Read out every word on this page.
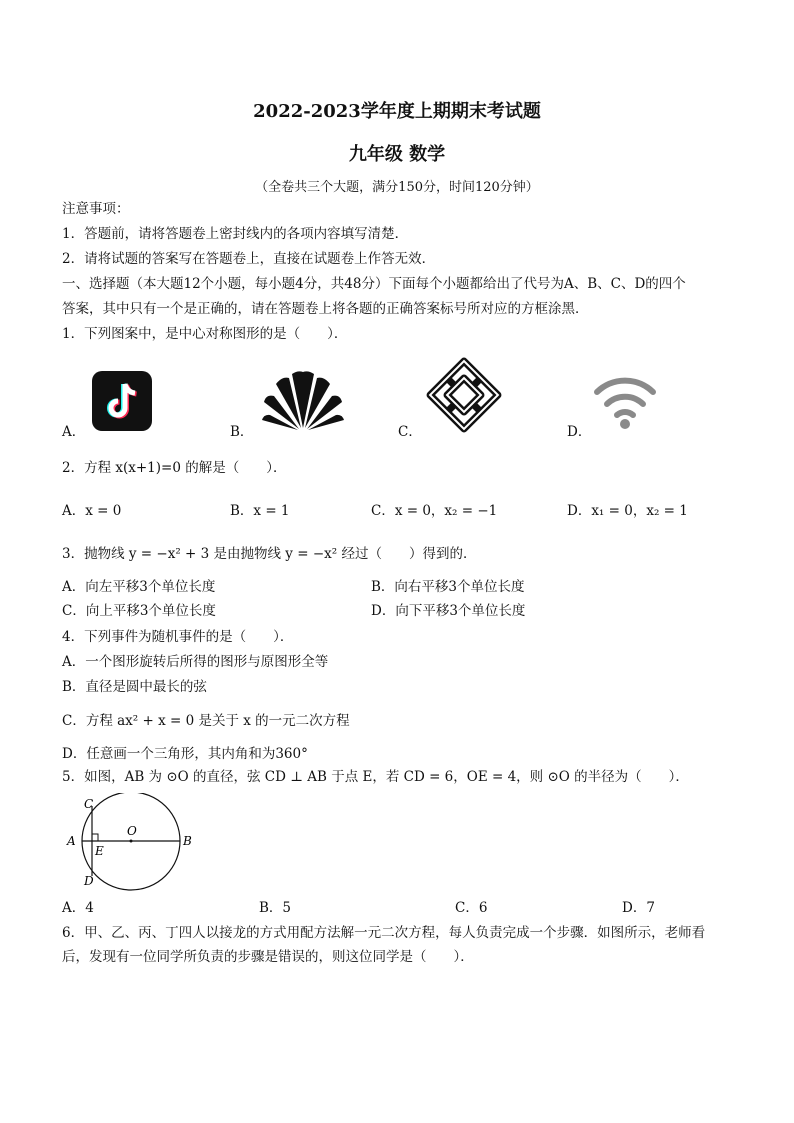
2022-2023学年度上期期末考试题
九年级 数学
（全卷共三个大题，满分150分，时间120分钟）
注意事项：
1．答题前，请将答题卷上密封线内的各项内容填写清楚．
2．请将试题的答案写在答题卷上，直接在试题卷上作答无效．
一、选择题（本大题12个小题，每小题4分，共48分）下面每个小题都给出了代号为A、B、C、D的四个
答案，其中只有一个是正确的，请在答题卷上将各题的正确答案标号所对应的方框涂黑．
1．下列图案中，是中心对称图形的是（　　）．
A．	B．	C．	D．
2．方程 x(x+1)=0 的解是（　　）．
A．x = 0	B．x = 1	C．x = 0，x₂ = −1	D．x₁ = 0，x₂ = 1
3．抛物线 y = −x² + 3 是由抛物线 y = −x² 经过（　　）得到的．
A．向左平移3个单位长度	B．向右平移3个单位长度
C．向上平移3个单位长度	D．向下平移3个单位长度
4．下列事件为随机事件的是（　　）．
A．一个图形旋转后所得的图形与原图形全等
B．直径是圆中最长的弦
C．方程 ax² + x = 0 是关于 x 的一元二次方程
D．任意画一个三角形，其内角和为360°
5．如图，AB 为 ⊙O 的直径，弦 CD ⊥ AB 于点 E，若 CD = 6，OE = 4，则 ⊙O 的半径为（　　）．
C
A
O
E
D
B
A．4	B．5	C．6	D．7
6．甲、乙、丙、丁四人以接龙的方式用配方法解一元二次方程，每人负责完成一个步骤．如图所示，老师看
后，发现有一位同学所负责的步骤是错误的，则这位同学是（　　）．
